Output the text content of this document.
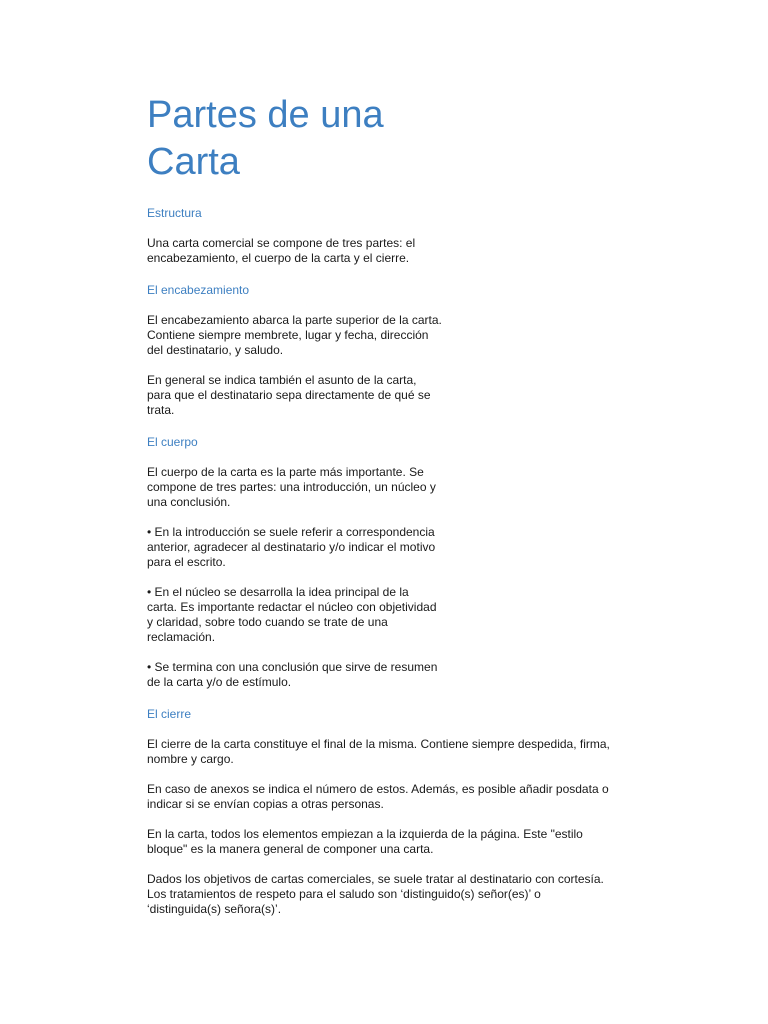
Partes de una Carta
Estructura

Una carta comercial se compone de tres partes: el encabezamiento, el cuerpo de la carta y el cierre.

El encabezamiento

El encabezamiento abarca la parte superior de la carta. Contiene siempre membrete, lugar y fecha, dirección del destinatario, y saludo.

En general se indica también el asunto de la carta, para que el destinatario sepa directamente de qué se trata.

El cuerpo

El cuerpo de la carta es la parte más importante. Se compone de tres partes: una introducción, un núcleo y una conclusión.

• En la introducción se suele referir a correspondencia anterior, agradecer al destinatario y/o indicar el motivo para el escrito.

• En el núcleo se desarrolla la idea principal de la carta. Es importante redactar el núcleo con objetividad y claridad, sobre todo cuando se trate de una reclamación.

• Se termina con una conclusión que sirve de resumen de la carta y/o de estímulo.

El cierre

El cierre de la carta constituye el final de la misma. Contiene siempre despedida, firma, nombre y cargo.

En caso de anexos se indica el número de estos. Además, es posible añadir posdata o indicar si se envían copias a otras personas.

En la carta, todos los elementos empiezan a la izquierda de la página. Este "estilo bloque" es la manera general de componer una carta.

Dados los objetivos de cartas comerciales, se suele tratar al destinatario con cortesía. Los tratamientos de respeto para el saludo son ‘distinguido(s) señor(es)’ o ‘distinguida(s) señora(s)’.
